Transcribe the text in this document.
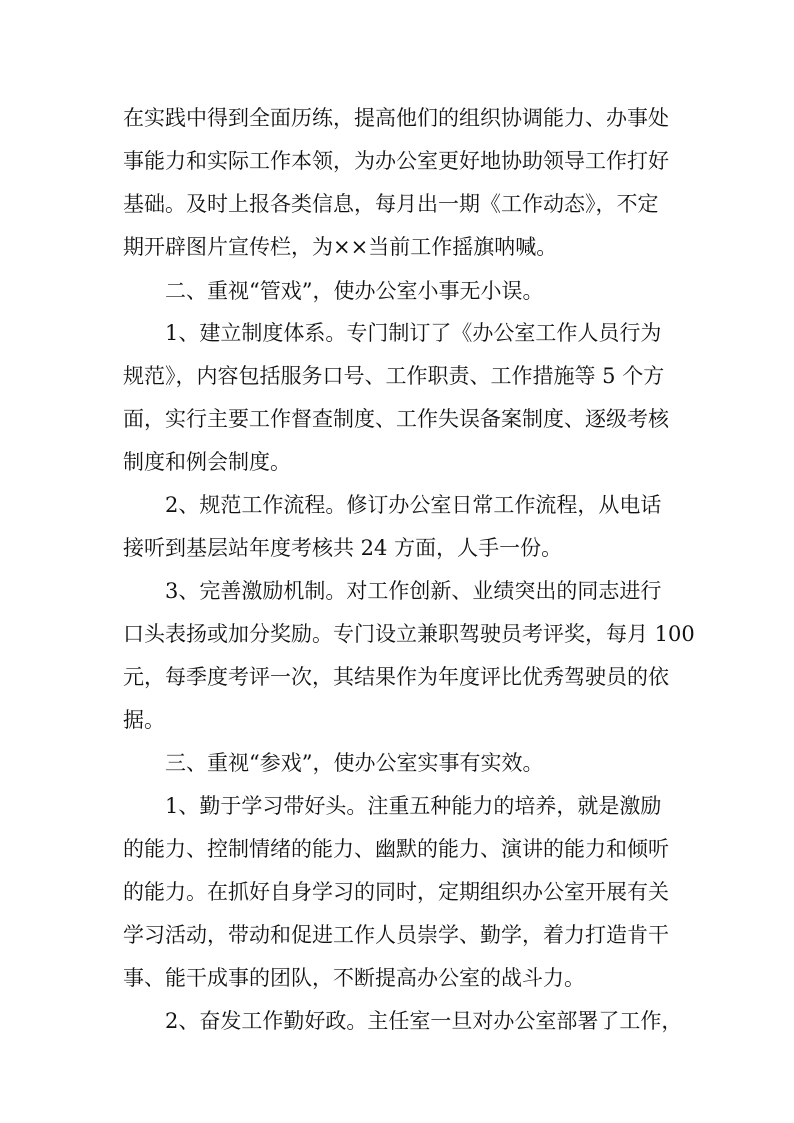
在实践中得到全面历练，提高他们的组织协调能力、办事处
事能力和实际工作本领，为办公室更好地协助领导工作打好
基础。及时上报各类信息，每月出一期《工作动态》，不定
期开辟图片宣传栏，为××当前工作摇旗呐喊。
二、重视“管戏”，使办公室小事无小误。
1、建立制度体系。专门制订了《办公室工作人员行为
规范》，内容包括服务口号、工作职责、工作措施等 5 个方
面，实行主要工作督查制度、工作失误备案制度、逐级考核
制度和例会制度。
2、规范工作流程。修订办公室日常工作流程，从电话
接听到基层站年度考核共 24 方面，人手一份。
3、完善激励机制。对工作创新、业绩突出的同志进行
口头表扬或加分奖励。专门设立兼职驾驶员考评奖，每月 100
元，每季度考评一次，其结果作为年度评比优秀驾驶员的依
据。
三、重视“参戏”，使办公室实事有实效。
1、勤于学习带好头。注重五种能力的培养，就是激励
的能力、控制情绪的能力、幽默的能力、演讲的能力和倾听
的能力。在抓好自身学习的同时，定期组织办公室开展有关
学习活动，带动和促进工作人员崇学、勤学，着力打造肯干
事、能干成事的团队，不断提高办公室的战斗力。
2、奋发工作勤好政。主任室一旦对办公室部署了工作，
